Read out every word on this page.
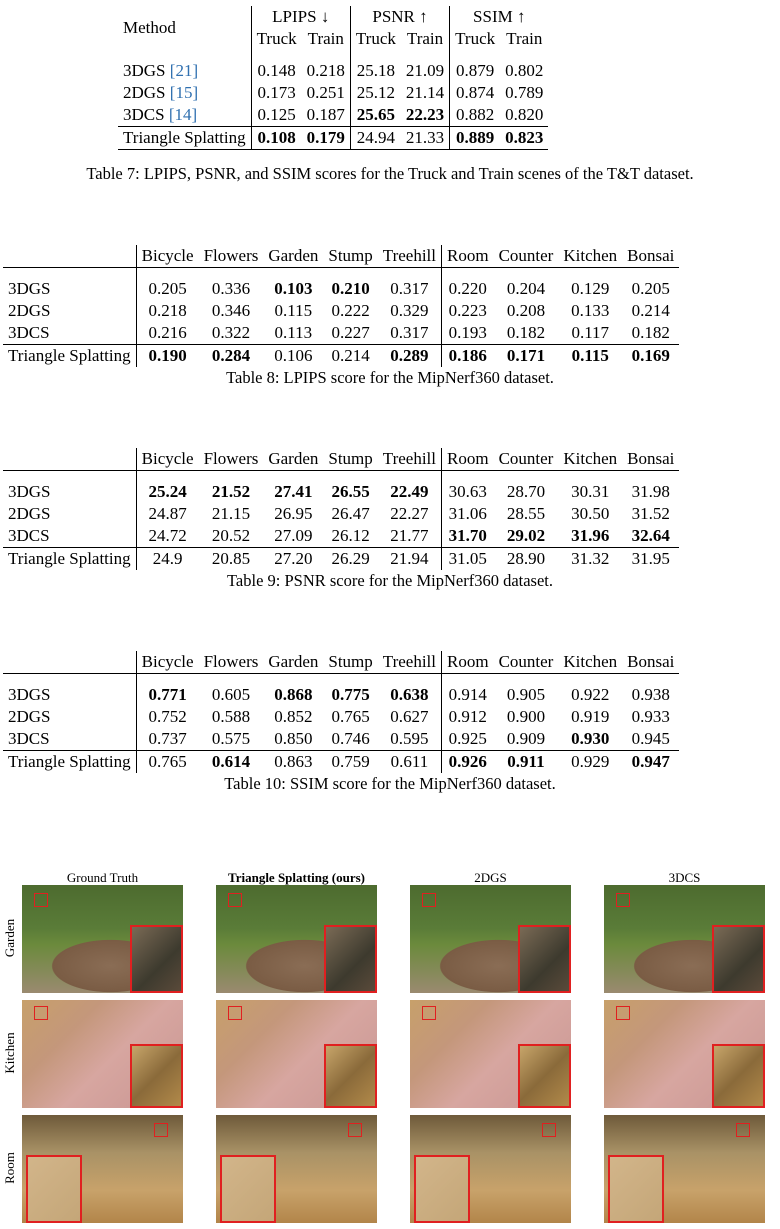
Method	LPIPS ↓		PSNR ↑		SSIM ↑	
	Truck	Train	Truck	Train	Truck	Train

3DGS [21]	0.148	0.218	25.18	21.09	0.879	0.802
2DGS [15]	0.173	0.251	25.12	21.14	0.874	0.789
3DCS [14]	0.125	0.187	25.65	22.23	0.882	0.820
Triangle Splatting	0.108	0.179	24.94	21.33	0.889	0.823
Table 7: LPIPS, PSNR, and SSIM scores for the Truck and Train scenes of the T&T dataset.
	Bicycle	Flowers	Garden	Stump	Treehill	Room	Counter	Kitchen	Bonsai

3DGS	0.205	0.336	0.103	0.210	0.317	0.220	0.204	0.129	0.205
2DGS	0.218	0.346	0.115	0.222	0.329	0.223	0.208	0.133	0.214
3DCS	0.216	0.322	0.113	0.227	0.317	0.193	0.182	0.117	0.182
Triangle Splatting	0.190	0.284	0.106	0.214	0.289	0.186	0.171	0.115	0.169
Table 8: LPIPS score for the MipNerf360 dataset.
	Bicycle	Flowers	Garden	Stump	Treehill	Room	Counter	Kitchen	Bonsai

3DGS	25.24	21.52	27.41	26.55	22.49	30.63	28.70	30.31	31.98
2DGS	24.87	21.15	26.95	26.47	22.27	31.06	28.55	30.50	31.52
3DCS	24.72	20.52	27.09	26.12	21.77	31.70	29.02	31.96	32.64
Triangle Splatting	24.9	20.85	27.20	26.29	21.94	31.05	28.90	31.32	31.95
Table 9: PSNR score for the MipNerf360 dataset.
	Bicycle	Flowers	Garden	Stump	Treehill	Room	Counter	Kitchen	Bonsai

3DGS	0.771	0.605	0.868	0.775	0.638	0.914	0.905	0.922	0.938
2DGS	0.752	0.588	0.852	0.765	0.627	0.912	0.900	0.919	0.933
3DCS	0.737	0.575	0.850	0.746	0.595	0.925	0.909	0.930	0.945
Triangle Splatting	0.765	0.614	0.863	0.759	0.611	0.926	0.911	0.929	0.947
Table 10: SSIM score for the MipNerf360 dataset.
Ground Truth	Triangle Splatting (ours)	2DGS	3DCS
Garden
Kitchen
Room
